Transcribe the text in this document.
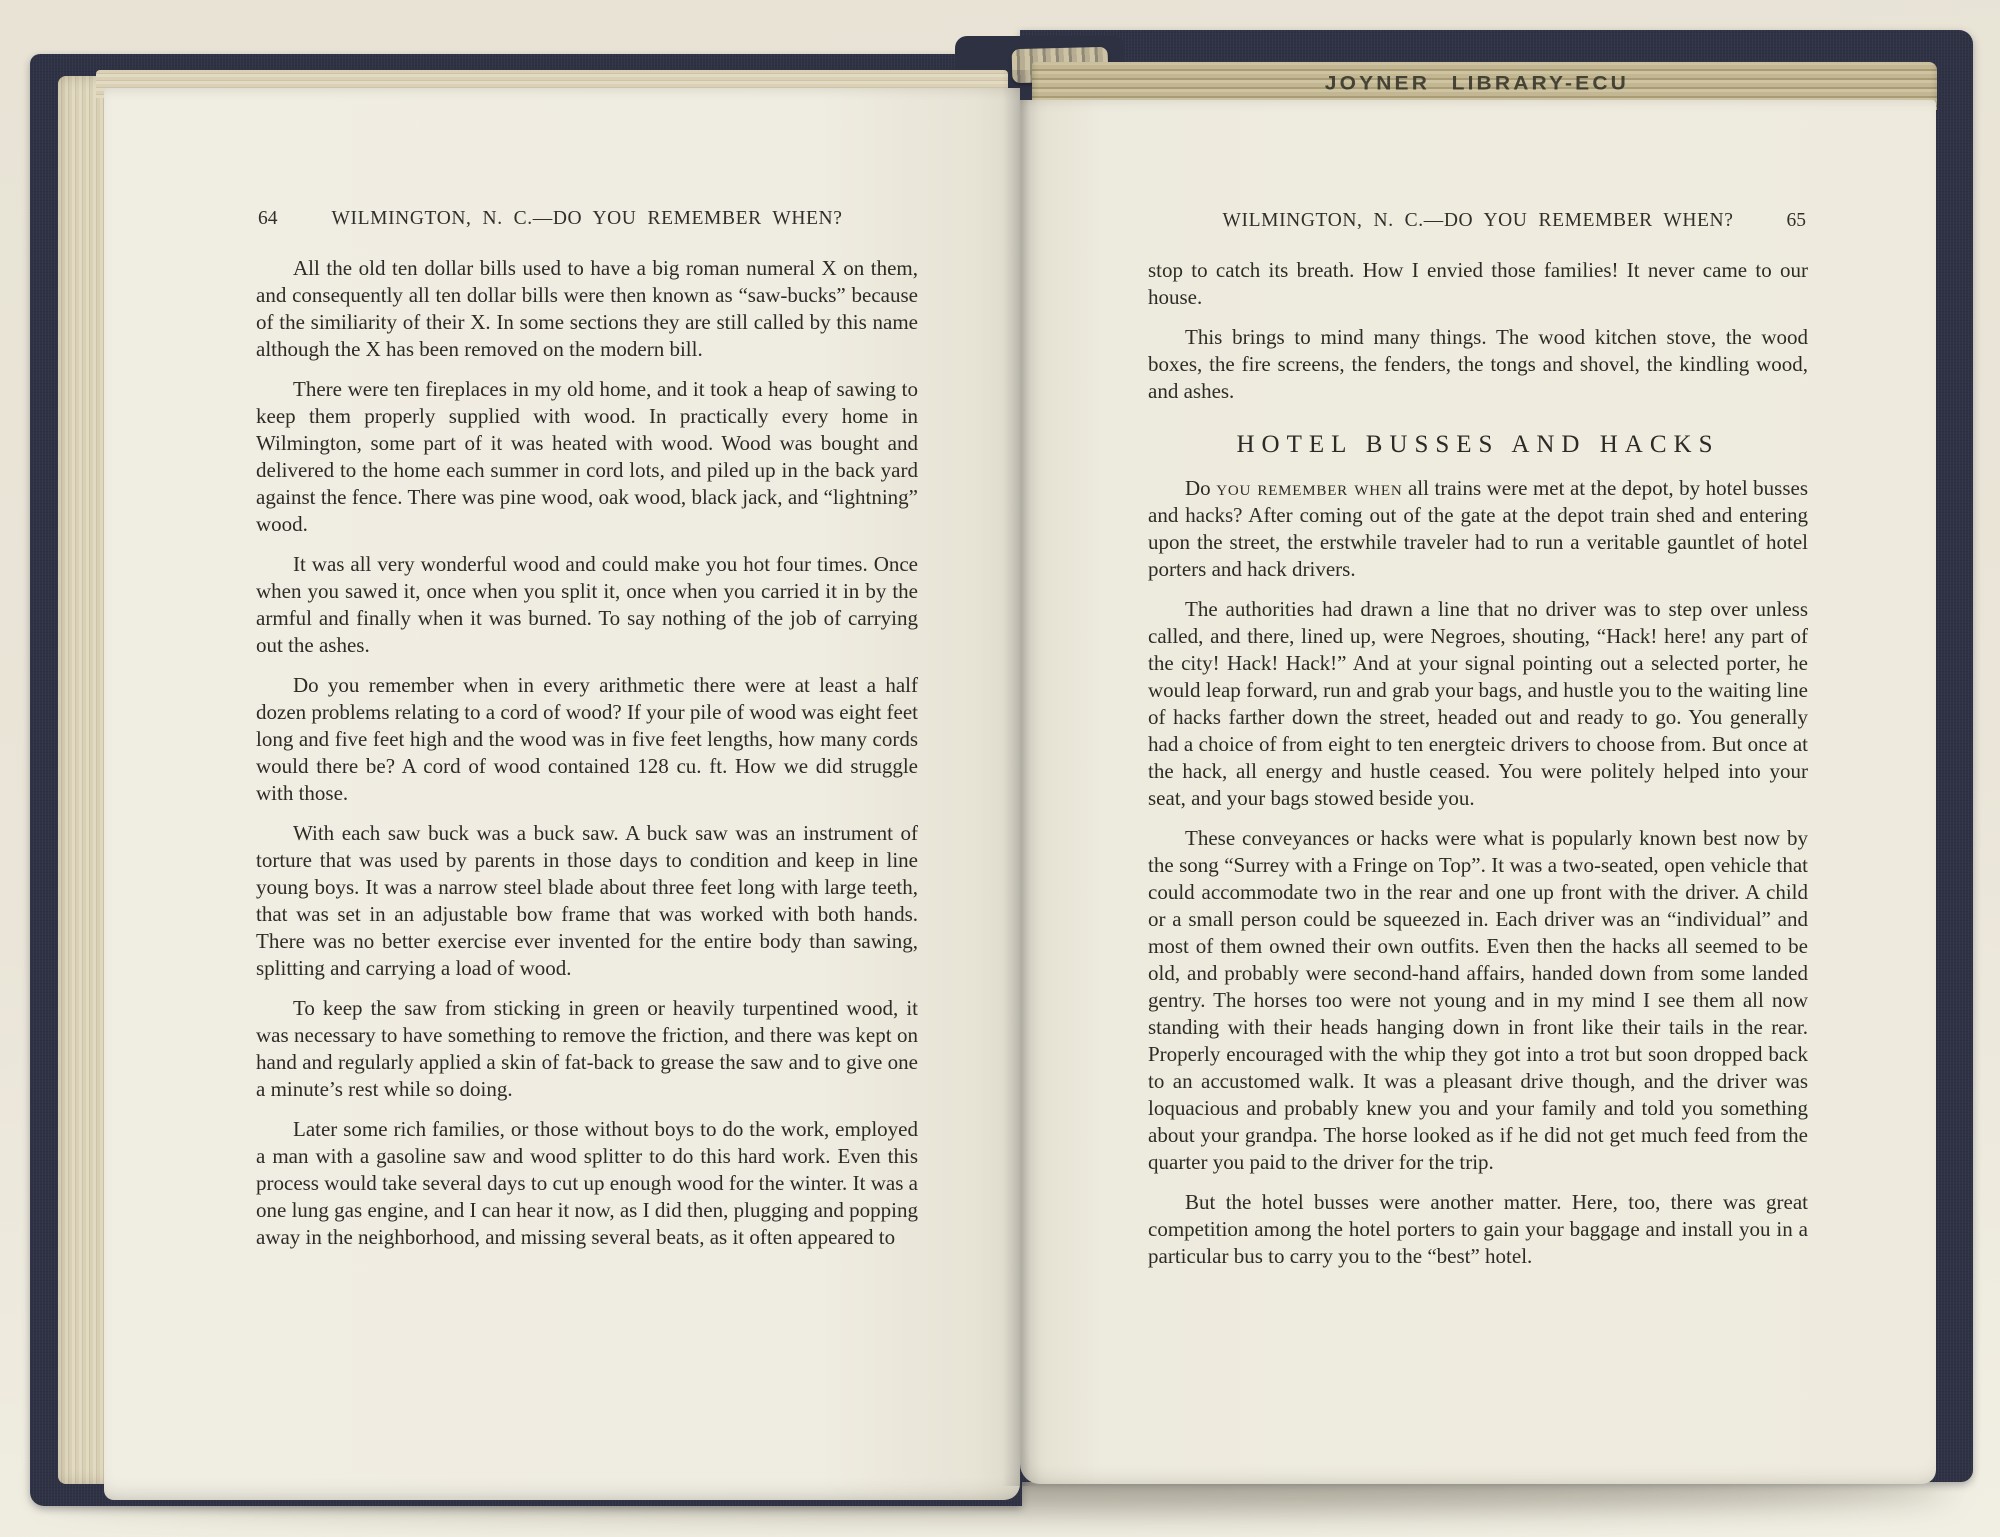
JOYNER LIBRARY-ECU
64	WILMINGTON, N. C.—DO YOU REMEMBER WHEN?

All the old ten dollar bills used to have a big roman numeral X on them, and consequently all ten dollar bills were then known as “saw-bucks” because of the similiarity of their X. In some sections they are still called by this name although the X has been removed on the modern bill.

There were ten fireplaces in my old home, and it took a heap of sawing to keep them properly supplied with wood. In practically every home in Wilmington, some part of it was heated with wood. Wood was bought and delivered to the home each summer in cord lots, and piled up in the back yard against the fence. There was pine wood, oak wood, black jack, and “lightning” wood.

It was all very wonderful wood and could make you hot four times. Once when you sawed it, once when you split it, once when you carried it in by the armful and finally when it was burned. To say nothing of the job of carrying out the ashes.

Do you remember when in every arithmetic there were at least a half dozen problems relating to a cord of wood? If your pile of wood was eight feet long and five feet high and the wood was in five feet lengths, how many cords would there be? A cord of wood contained 128 cu. ft. How we did struggle with those.

With each saw buck was a buck saw. A buck saw was an instrument of torture that was used by parents in those days to condition and keep in line young boys. It was a narrow steel blade about three feet long with large teeth, that was set in an adjustable bow frame that was worked with both hands. There was no better exercise ever invented for the entire body than sawing, splitting and carrying a load of wood.

To keep the saw from sticking in green or heavily turpentined wood, it was necessary to have something to remove the friction, and there was kept on hand and regularly applied a skin of fat-back to grease the saw and to give one a minute’s rest while so doing.

Later some rich families, or those without boys to do the work, employed a man with a gasoline saw and wood splitter to do this hard work. Even this process would take several days to cut up enough wood for the winter. It was a one lung gas engine, and I can hear it now, as I did then, plugging and popping away in the neighborhood, and missing several beats, as it often appeared to

WILMINGTON, N. C.—DO YOU REMEMBER WHEN?	65

stop to catch its breath. How I envied those families! It never came to our house.

This brings to mind many things. The wood kitchen stove, the wood boxes, the fire screens, the fenders, the tongs and shovel, the kindling wood, and ashes.

HOTEL BUSSES AND HACKS

Do you remember when all trains were met at the depot, by hotel busses and hacks? After coming out of the gate at the depot train shed and entering upon the street, the erstwhile traveler had to run a veritable gauntlet of hotel porters and hack drivers.

The authorities had drawn a line that no driver was to step over unless called, and there, lined up, were Negroes, shouting, “Hack! here! any part of the city! Hack! Hack!” And at your signal pointing out a selected porter, he would leap forward, run and grab your bags, and hustle you to the waiting line of hacks farther down the street, headed out and ready to go. You generally had a choice of from eight to ten energteic drivers to choose from. But once at the hack, all energy and hustle ceased. You were politely helped into your seat, and your bags stowed beside you.

These conveyances or hacks were what is popularly known best now by the song “Surrey with a Fringe on Top”. It was a two-seated, open vehicle that could accommodate two in the rear and one up front with the driver. A child or a small person could be squeezed in. Each driver was an “individual” and most of them owned their own outfits. Even then the hacks all seemed to be old, and probably were second-hand affairs, handed down from some landed gentry. The horses too were not young and in my mind I see them all now standing with their heads hanging down in front like their tails in the rear. Properly encouraged with the whip they got into a trot but soon dropped back to an accustomed walk. It was a pleasant drive though, and the driver was loquacious and probably knew you and your family and told you something about your grandpa. The horse looked as if he did not get much feed from the quarter you paid to the driver for the trip.

But the hotel busses were another matter. Here, too, there was great competition among the hotel porters to gain your baggage and install you in a particular bus to carry you to the “best” hotel.
